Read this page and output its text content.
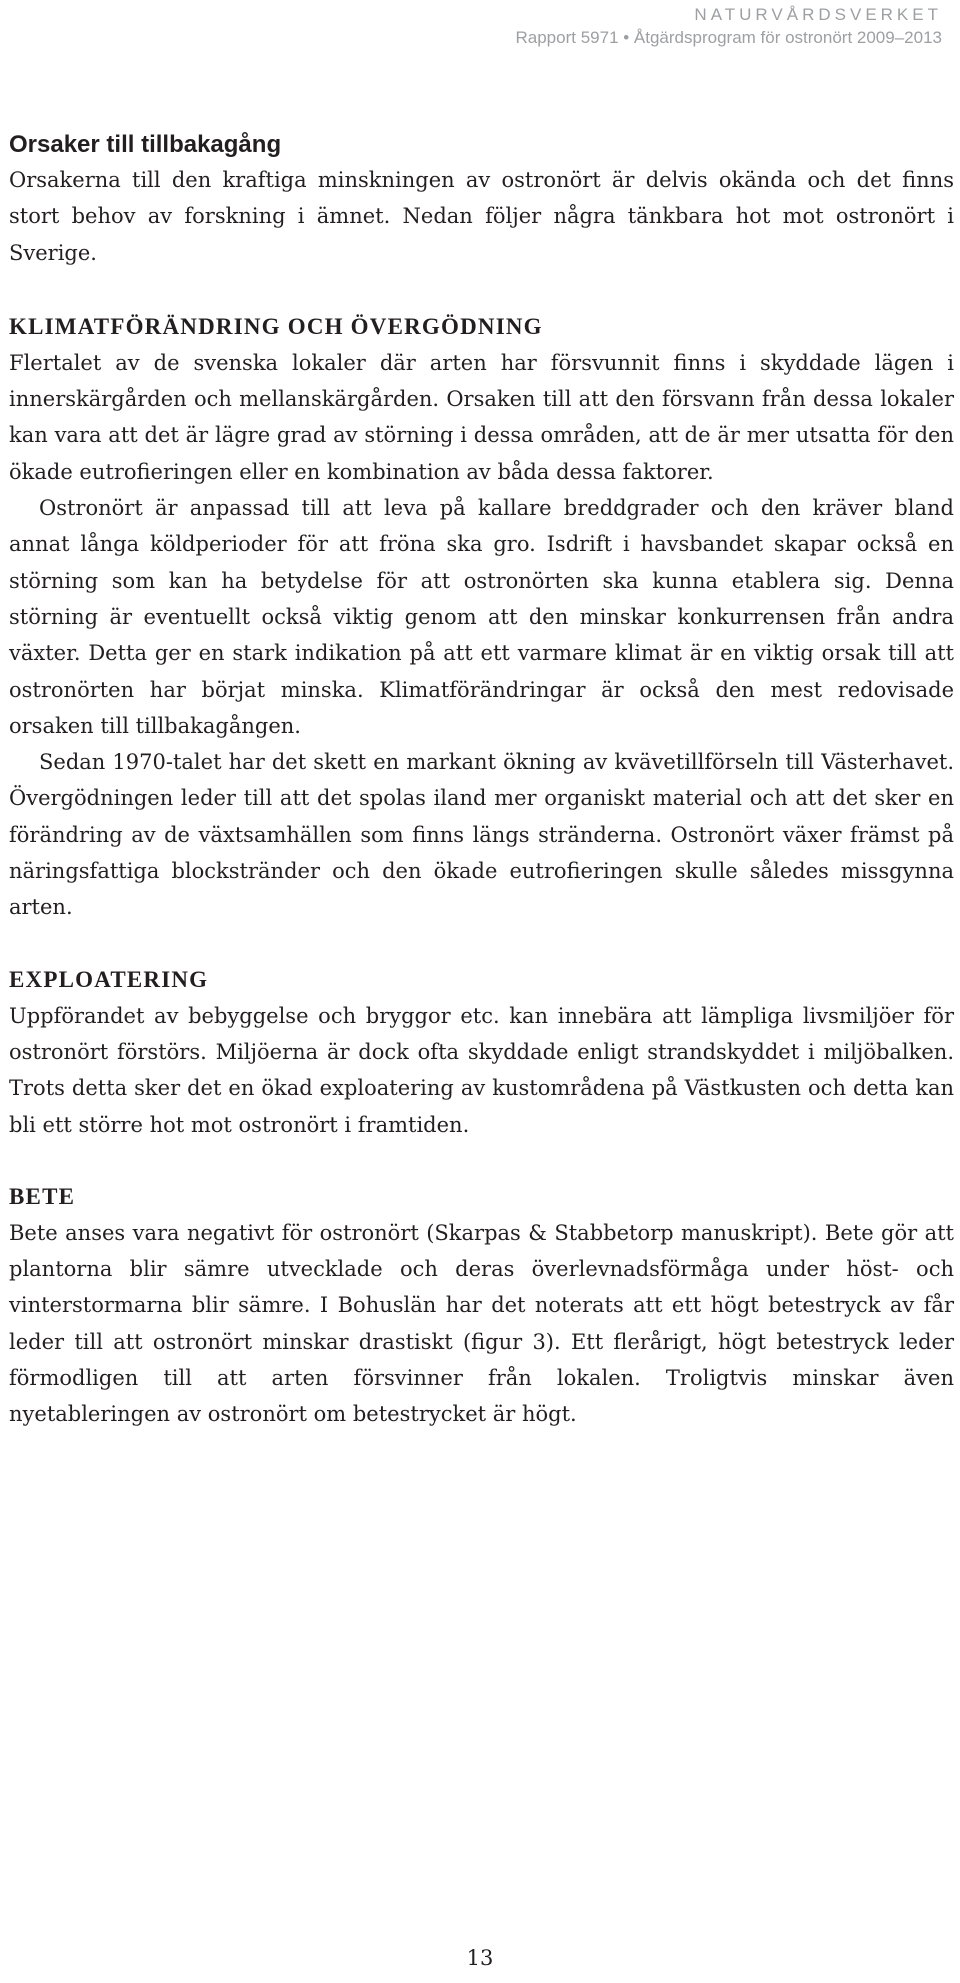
NATURVÅRDSVERKET
Rapport 5971 • Åtgärdsprogram för ostronört 2009–2013
Orsaker till tillbakagång

Orsakerna till den kraftiga minskningen av ostronört är delvis okända och det finns stort behov av forskning i ämnet. Nedan följer några tänkbara hot mot ostronört i Sverige.

KLIMATFÖRÄNDRING OCH ÖVERGÖDNING

Flertalet av de svenska lokaler där arten har försvunnit finns i skyddade lägen i innerskärgården och mellanskärgården. Orsaken till att den försvann från dessa lokaler kan vara att det är lägre grad av störning i dessa områden, att de är mer utsatta för den ökade eutrofieringen eller en kombination av båda dessa faktorer.

Ostronört är anpassad till att leva på kallare breddgrader och den kräver bland annat långa köldperioder för att fröna ska gro. Isdrift i havsbandet skapar också en störning som kan ha betydelse för att ostronörten ska kunna etablera sig. Denna störning är eventuellt också viktig genom att den minskar konkurrensen från andra växter. Detta ger en stark indikation på att ett varmare klimat är en viktig orsak till att ostronörten har börjat minska. Klimatförändringar är också den mest redovisade orsaken till tillbakagången.

Sedan 1970-talet har det skett en markant ökning av kvävetillförseln till Västerhavet. Övergödningen leder till att det spolas iland mer organiskt material och att det sker en förändring av de växtsamhällen som finns längs stränderna. Ostronört växer främst på näringsfattiga blockstränder och den ökade eutrofieringen skulle således missgynna arten.

EXPLOATERING

Uppförandet av bebyggelse och bryggor etc. kan innebära att lämpliga livsmiljöer för ostronört förstörs. Miljöerna är dock ofta skyddade enligt strandskyddet i miljöbalken. Trots detta sker det en ökad exploatering av kustområdena på Västkusten och detta kan bli ett större hot mot ostronört i framtiden.

BETE

Bete anses vara negativt för ostronört (Skarpas & Stabbetorp manuskript). Bete gör att plantorna blir sämre utvecklade och deras överlevnadsförmåga under höst- och vinterstormarna blir sämre. I Bohuslän har det noterats att ett högt betestryck av får leder till att ostronört minskar drastiskt (figur 3). Ett flerårigt, högt betestryck leder förmodligen till att arten försvinner från lokalen. Troligtvis minskar även nyetableringen av ostronört om betestrycket är högt.

13
